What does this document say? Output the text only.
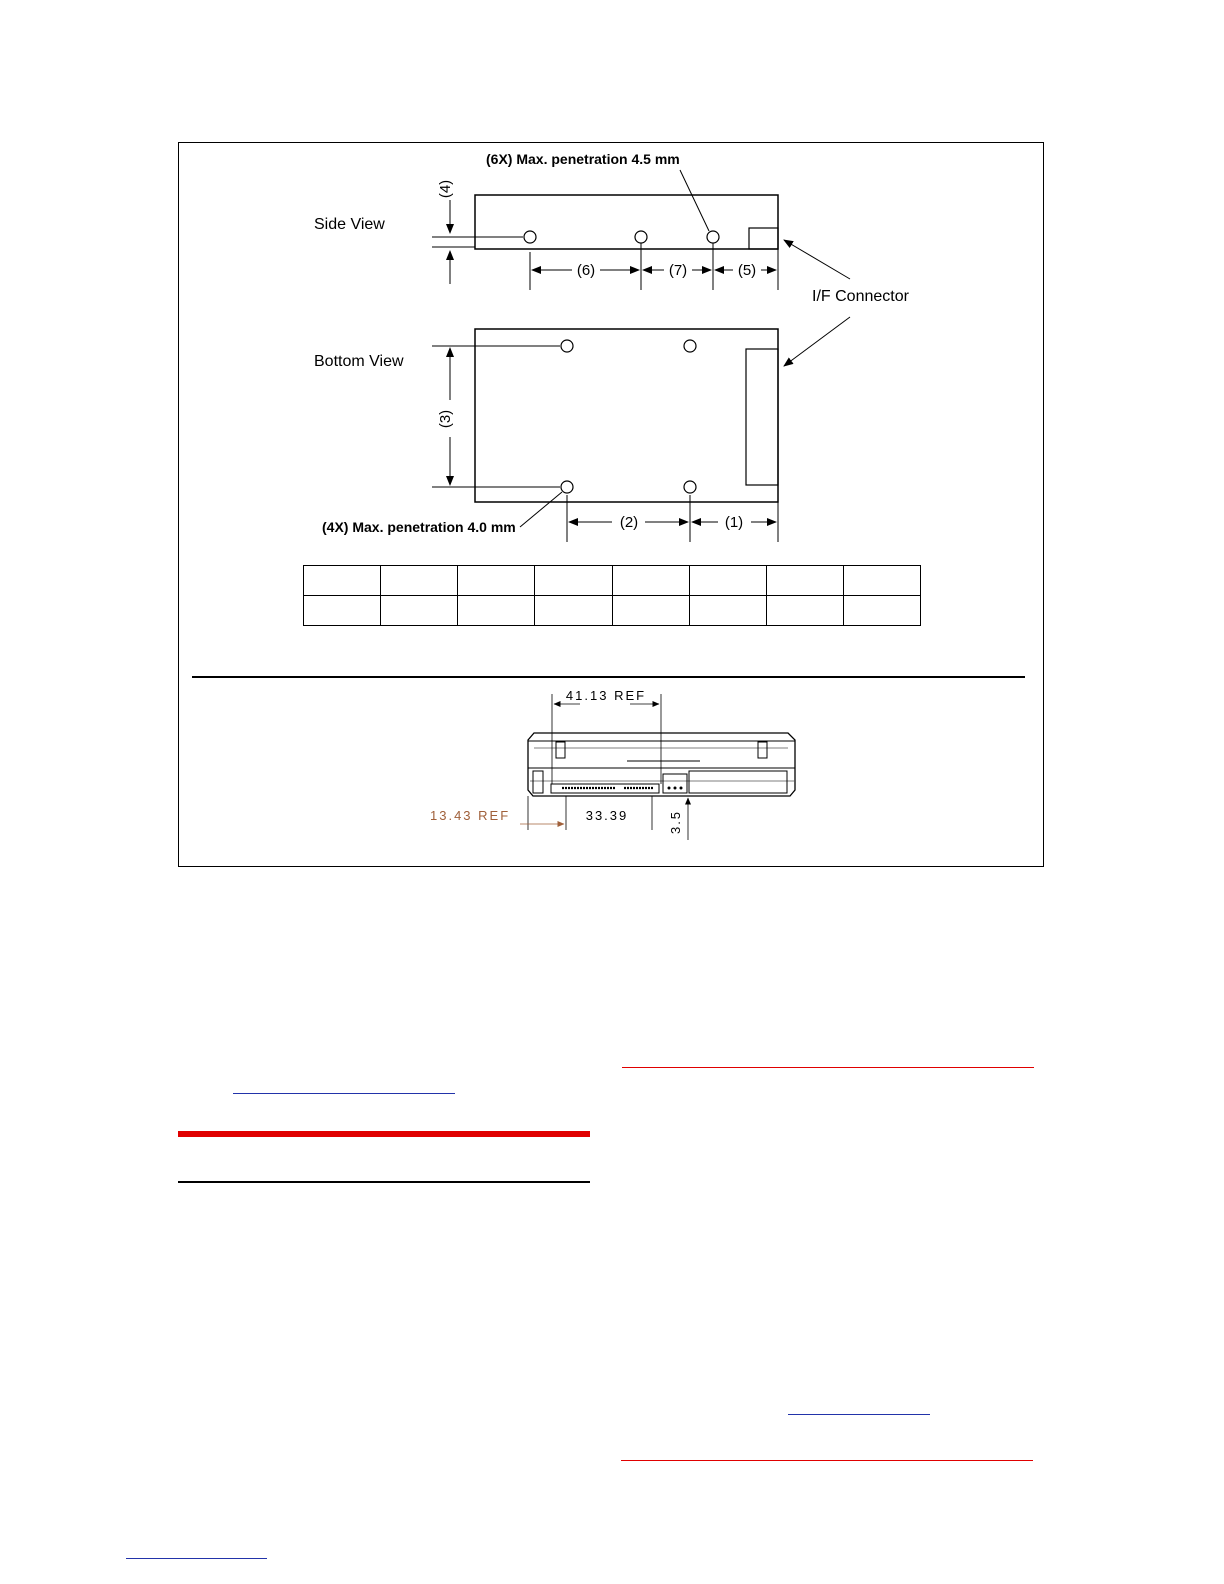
Side View
Bottom View
(6X) Max. penetration 4.5 mm
(4X) Max. penetration 4.0 mm
I/F Connector
(4)
(6)	(7)	(5)
(3)
(2)	(1)

41.13 REF
13.43 REF	33.39	3.5
